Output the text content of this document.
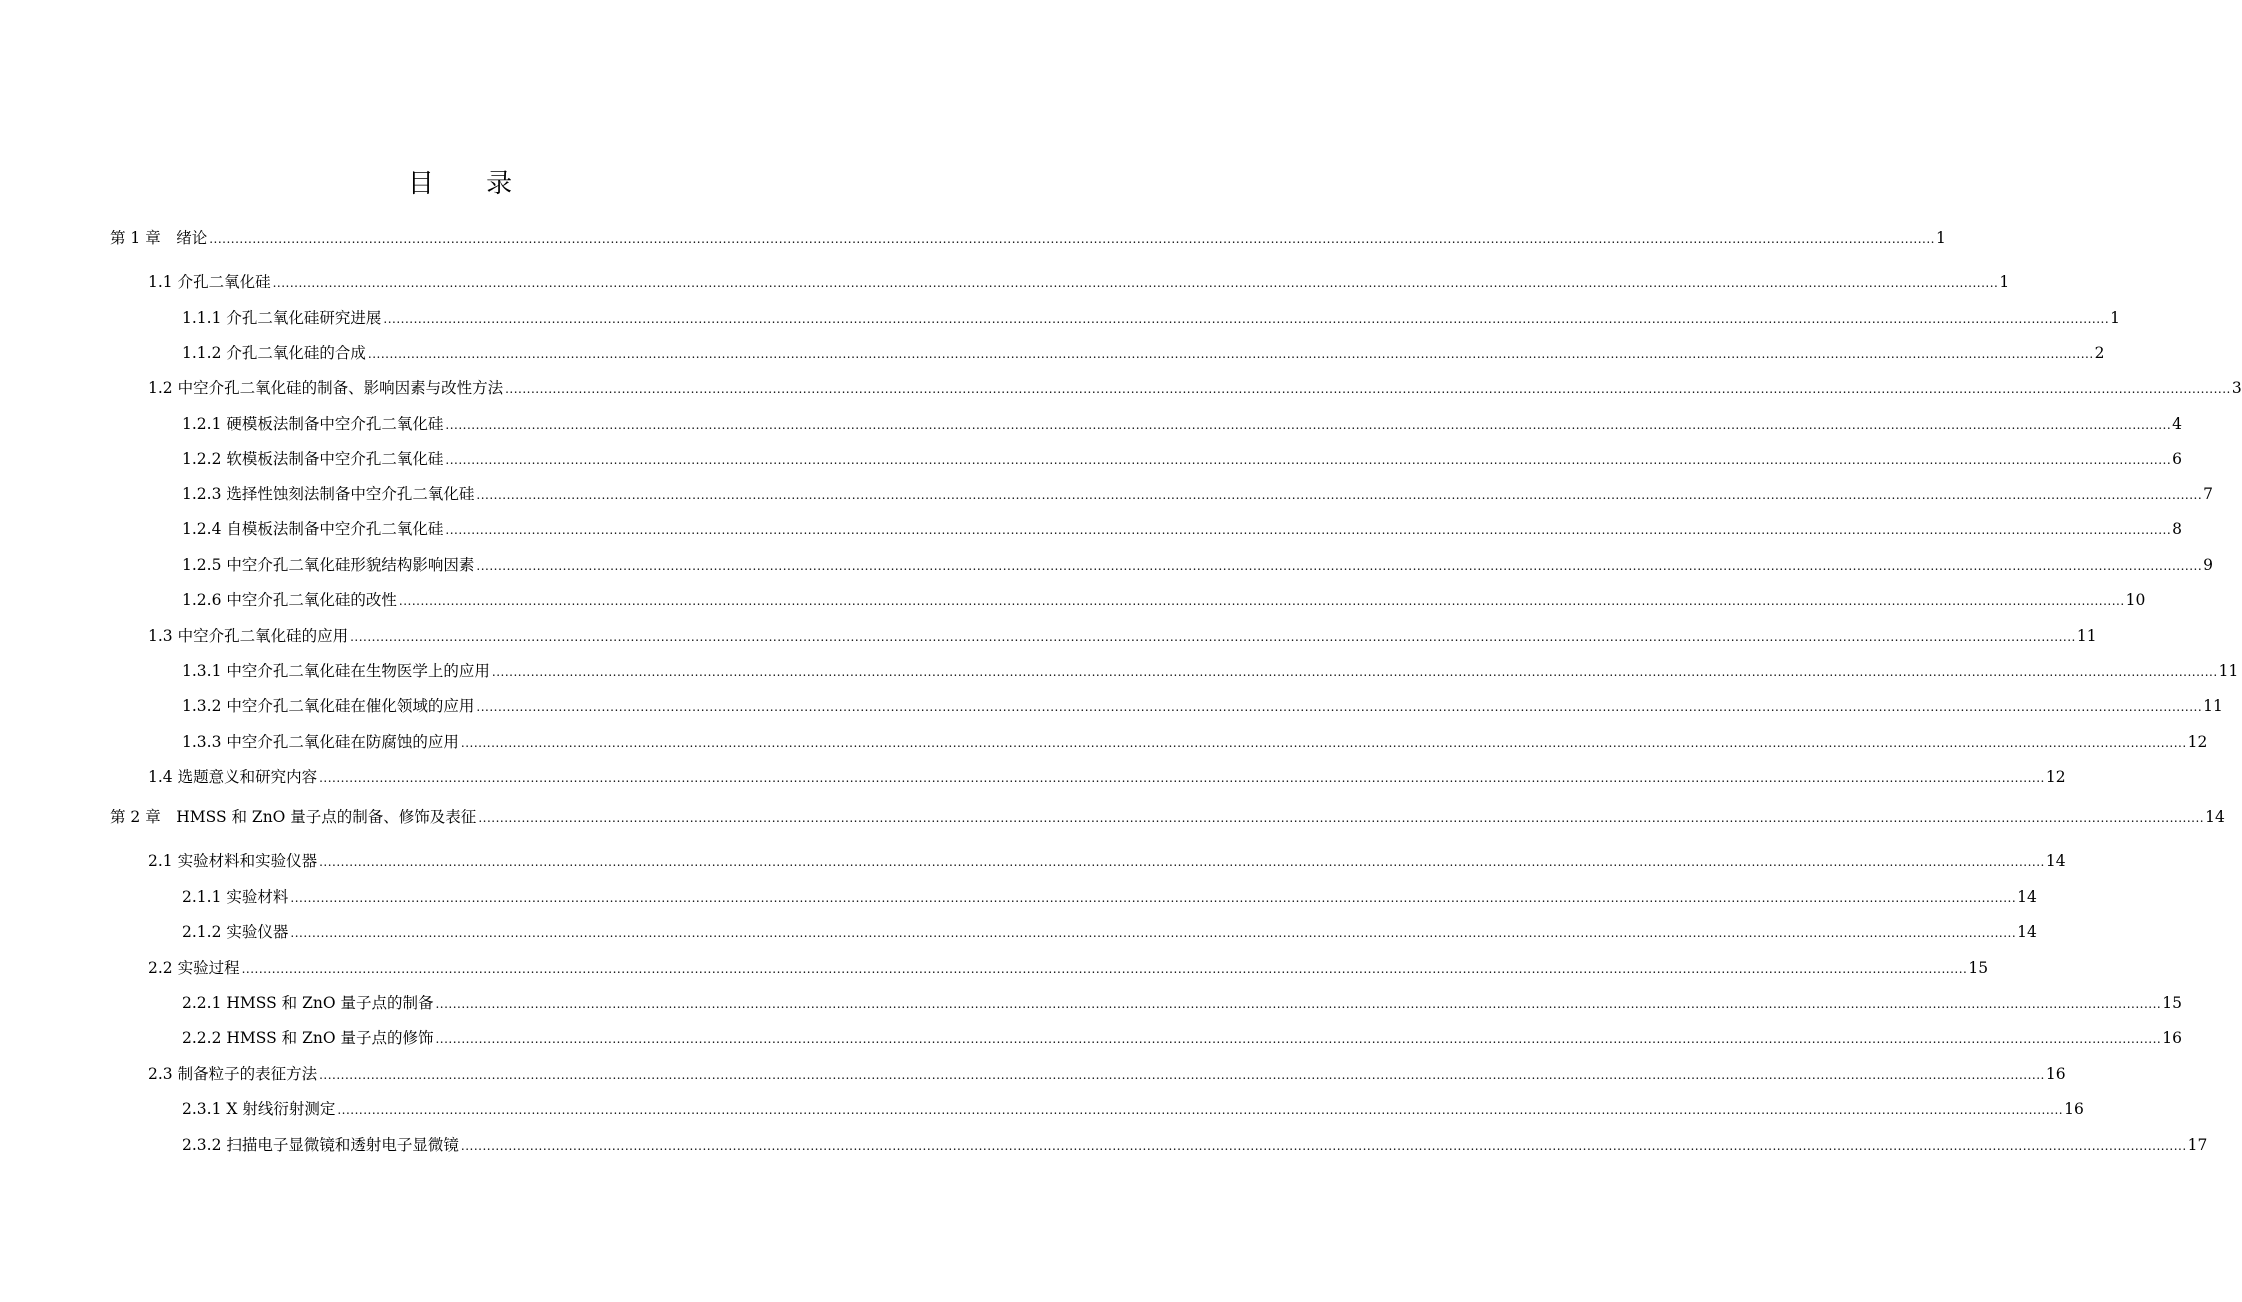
目 录
第 1 章　绪论 ................................................................................................................................................................................................................................................................................................................................................................................................................ 1
1.1 介孔二氧化硅 ................................................................................................................................................................................................................................................................................................................................................................................................................ 1
1.1.1 介孔二氧化硅研究进展 ................................................................................................................................................................................................................................................................................................................................................................................................................ 1
1.1.2 介孔二氧化硅的合成 ................................................................................................................................................................................................................................................................................................................................................................................................................ 2
1.2 中空介孔二氧化硅的制备、影响因素与改性方法 ................................................................................................................................................................................................................................................................................................................................................................................................................ 3
1.2.1 硬模板法制备中空介孔二氧化硅 ................................................................................................................................................................................................................................................................................................................................................................................................................ 4
1.2.2 软模板法制备中空介孔二氧化硅 ................................................................................................................................................................................................................................................................................................................................................................................................................ 6
1.2.3 选择性蚀刻法制备中空介孔二氧化硅 ................................................................................................................................................................................................................................................................................................................................................................................................................ 7
1.2.4 自模板法制备中空介孔二氧化硅 ................................................................................................................................................................................................................................................................................................................................................................................................................ 8
1.2.5 中空介孔二氧化硅形貌结构影响因素 ................................................................................................................................................................................................................................................................................................................................................................................................................ 9
1.2.6 中空介孔二氧化硅的改性 ................................................................................................................................................................................................................................................................................................................................................................................................................ 10
1.3 中空介孔二氧化硅的应用 ................................................................................................................................................................................................................................................................................................................................................................................................................ 11
1.3.1 中空介孔二氧化硅在生物医学上的应用 ................................................................................................................................................................................................................................................................................................................................................................................................................ 11
1.3.2 中空介孔二氧化硅在催化领域的应用 ................................................................................................................................................................................................................................................................................................................................................................................................................ 11
1.3.3 中空介孔二氧化硅在防腐蚀的应用 ................................................................................................................................................................................................................................................................................................................................................................................................................ 12
1.4 选题意义和研究内容 ................................................................................................................................................................................................................................................................................................................................................................................................................ 12
第 2 章　HMSS 和 ZnO 量子点的制备、修饰及表征 ................................................................................................................................................................................................................................................................................................................................................................................................................ 14
2.1 实验材料和实验仪器 ................................................................................................................................................................................................................................................................................................................................................................................................................ 14
2.1.1 实验材料 ................................................................................................................................................................................................................................................................................................................................................................................................................ 14
2.1.2 实验仪器 ................................................................................................................................................................................................................................................................................................................................................................................................................ 14
2.2 实验过程 ................................................................................................................................................................................................................................................................................................................................................................................................................ 15
2.2.1 HMSS 和 ZnO 量子点的制备 ................................................................................................................................................................................................................................................................................................................................................................................................................ 15
2.2.2 HMSS 和 ZnO 量子点的修饰 ................................................................................................................................................................................................................................................................................................................................................................................................................ 16
2.3 制备粒子的表征方法 ................................................................................................................................................................................................................................................................................................................................................................................................................ 16
2.3.1 X 射线衍射测定 ................................................................................................................................................................................................................................................................................................................................................................................................................ 16
2.3.2 扫描电子显微镜和透射电子显微镜 ................................................................................................................................................................................................................................................................................................................................................................................................................ 17
